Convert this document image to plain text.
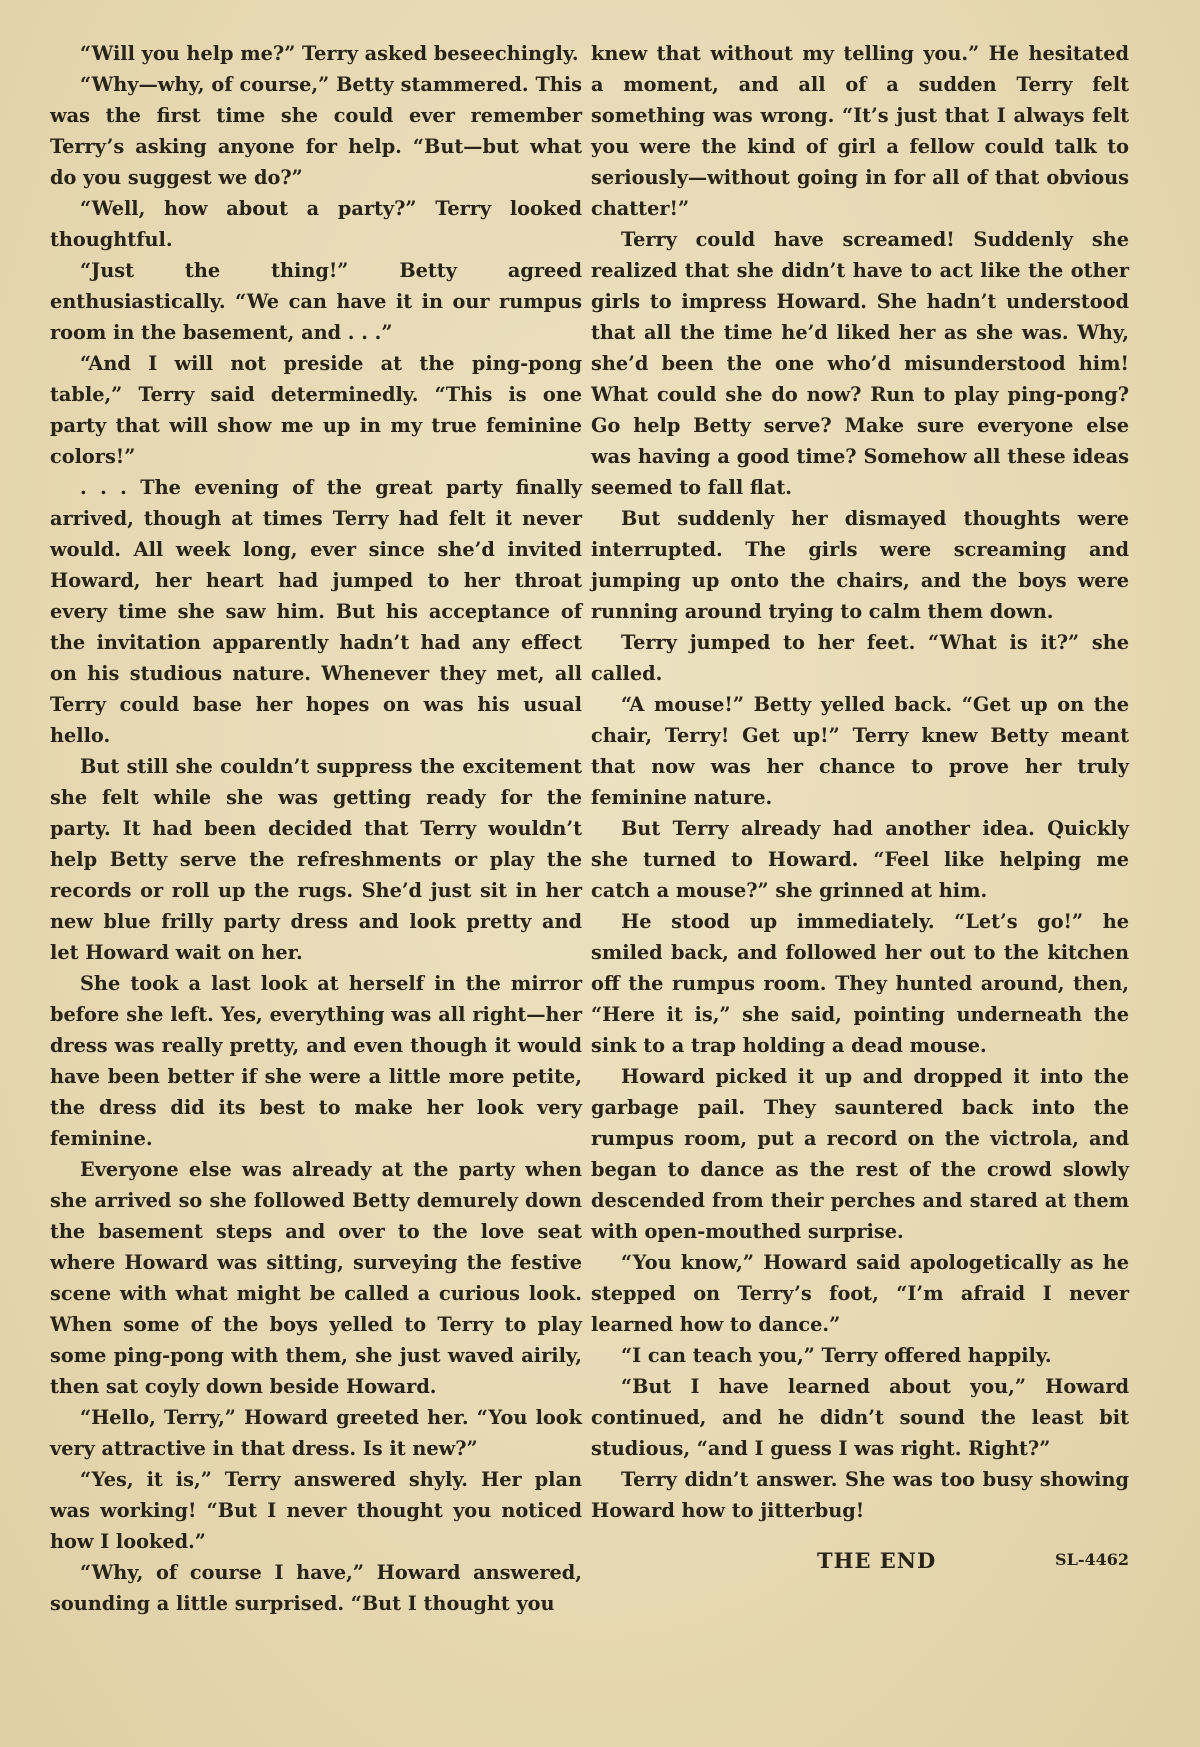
“Will you help me?” Terry asked beseechingly.

“Why—why, of course,” Betty stammered. This was the first time she could ever remember Terry’s asking anyone for help. “But—but what do you suggest we do?”

“Well, how about a party?” Terry looked thoughtful.

“Just the thing!” Betty agreed enthusiastically. “We can have it in our rumpus room in the basement, and . . .”

“And I will not preside at the ping-pong table,” Terry said determinedly. “This is one party that will show me up in my true feminine colors!”

. . . The evening of the great party finally arrived, though at times Terry had felt it never would. All week long, ever since she’d invited Howard, her heart had jumped to her throat every time she saw him. But his acceptance of the invitation apparently hadn’t had any effect on his studious nature. Whenever they met, all Terry could base her hopes on was his usual hello.

But still she couldn’t suppress the excitement she felt while she was getting ready for the party. It had been decided that Terry wouldn’t help Betty serve the refreshments or play the records or roll up the rugs. She’d just sit in her new blue frilly party dress and look pretty and let Howard wait on her.

She took a last look at herself in the mirror before she left. Yes, everything was all right—her dress was really pretty, and even though it would have been better if she were a little more petite, the dress did its best to make her look very feminine.

Everyone else was already at the party when she arrived so she followed Betty demurely down the basement steps and over to the love seat where Howard was sitting, surveying the festive scene with what might be called a curious look. When some of the boys yelled to Terry to play some ping-pong with them, she just waved airily, then sat coyly down beside Howard.

“Hello, Terry,” Howard greeted her. “You look very attractive in that dress. Is it new?”

“Yes, it is,” Terry answered shyly. Her plan was working! “But I never thought you noticed how I looked.”

“Why, of course I have,” Howard answered, sounding a little surprised. “But I thought you

knew that without my telling you.” He hesitated a moment, and all of a sudden Terry felt something was wrong. “It’s just that I always felt you were the kind of girl a fellow could talk to seriously—without going in for all of that obvious chatter!”

Terry could have screamed! Suddenly she realized that she didn’t have to act like the other girls to impress Howard. She hadn’t understood that all the time he’d liked her as she was. Why, she’d been the one who’d misunderstood him! What could she do now? Run to play ping-pong? Go help Betty serve? Make sure everyone else was having a good time? Somehow all these ideas seemed to fall flat.

But suddenly her dismayed thoughts were interrupted. The girls were screaming and jumping up onto the chairs, and the boys were running around trying to calm them down.

Terry jumped to her feet. “What is it?” she called.

“A mouse!” Betty yelled back. “Get up on the chair, Terry! Get up!” Terry knew Betty meant that now was her chance to prove her truly feminine nature.

But Terry already had another idea. Quickly she turned to Howard. “Feel like helping me catch a mouse?” she grinned at him.

He stood up immediately. “Let’s go!” he smiled back, and followed her out to the kitchen off the rumpus room. They hunted around, then, “Here it is,” she said, pointing underneath the sink to a trap holding a dead mouse.

Howard picked it up and dropped it into the garbage pail. They sauntered back into the rumpus room, put a record on the victrola, and began to dance as the rest of the crowd slowly descended from their perches and stared at them with open-mouthed surprise.

“You know,” Howard said apologetically as he stepped on Terry’s foot, “I’m afraid I never learned how to dance.”

“I can teach you,” Terry offered happily.

“But I have learned about you,” Howard continued, and he didn’t sound the least bit studious, “and I guess I was right. Right?”

Terry didn’t answer. She was too busy showing Howard how to jitterbug!

THE END	SL-4462
